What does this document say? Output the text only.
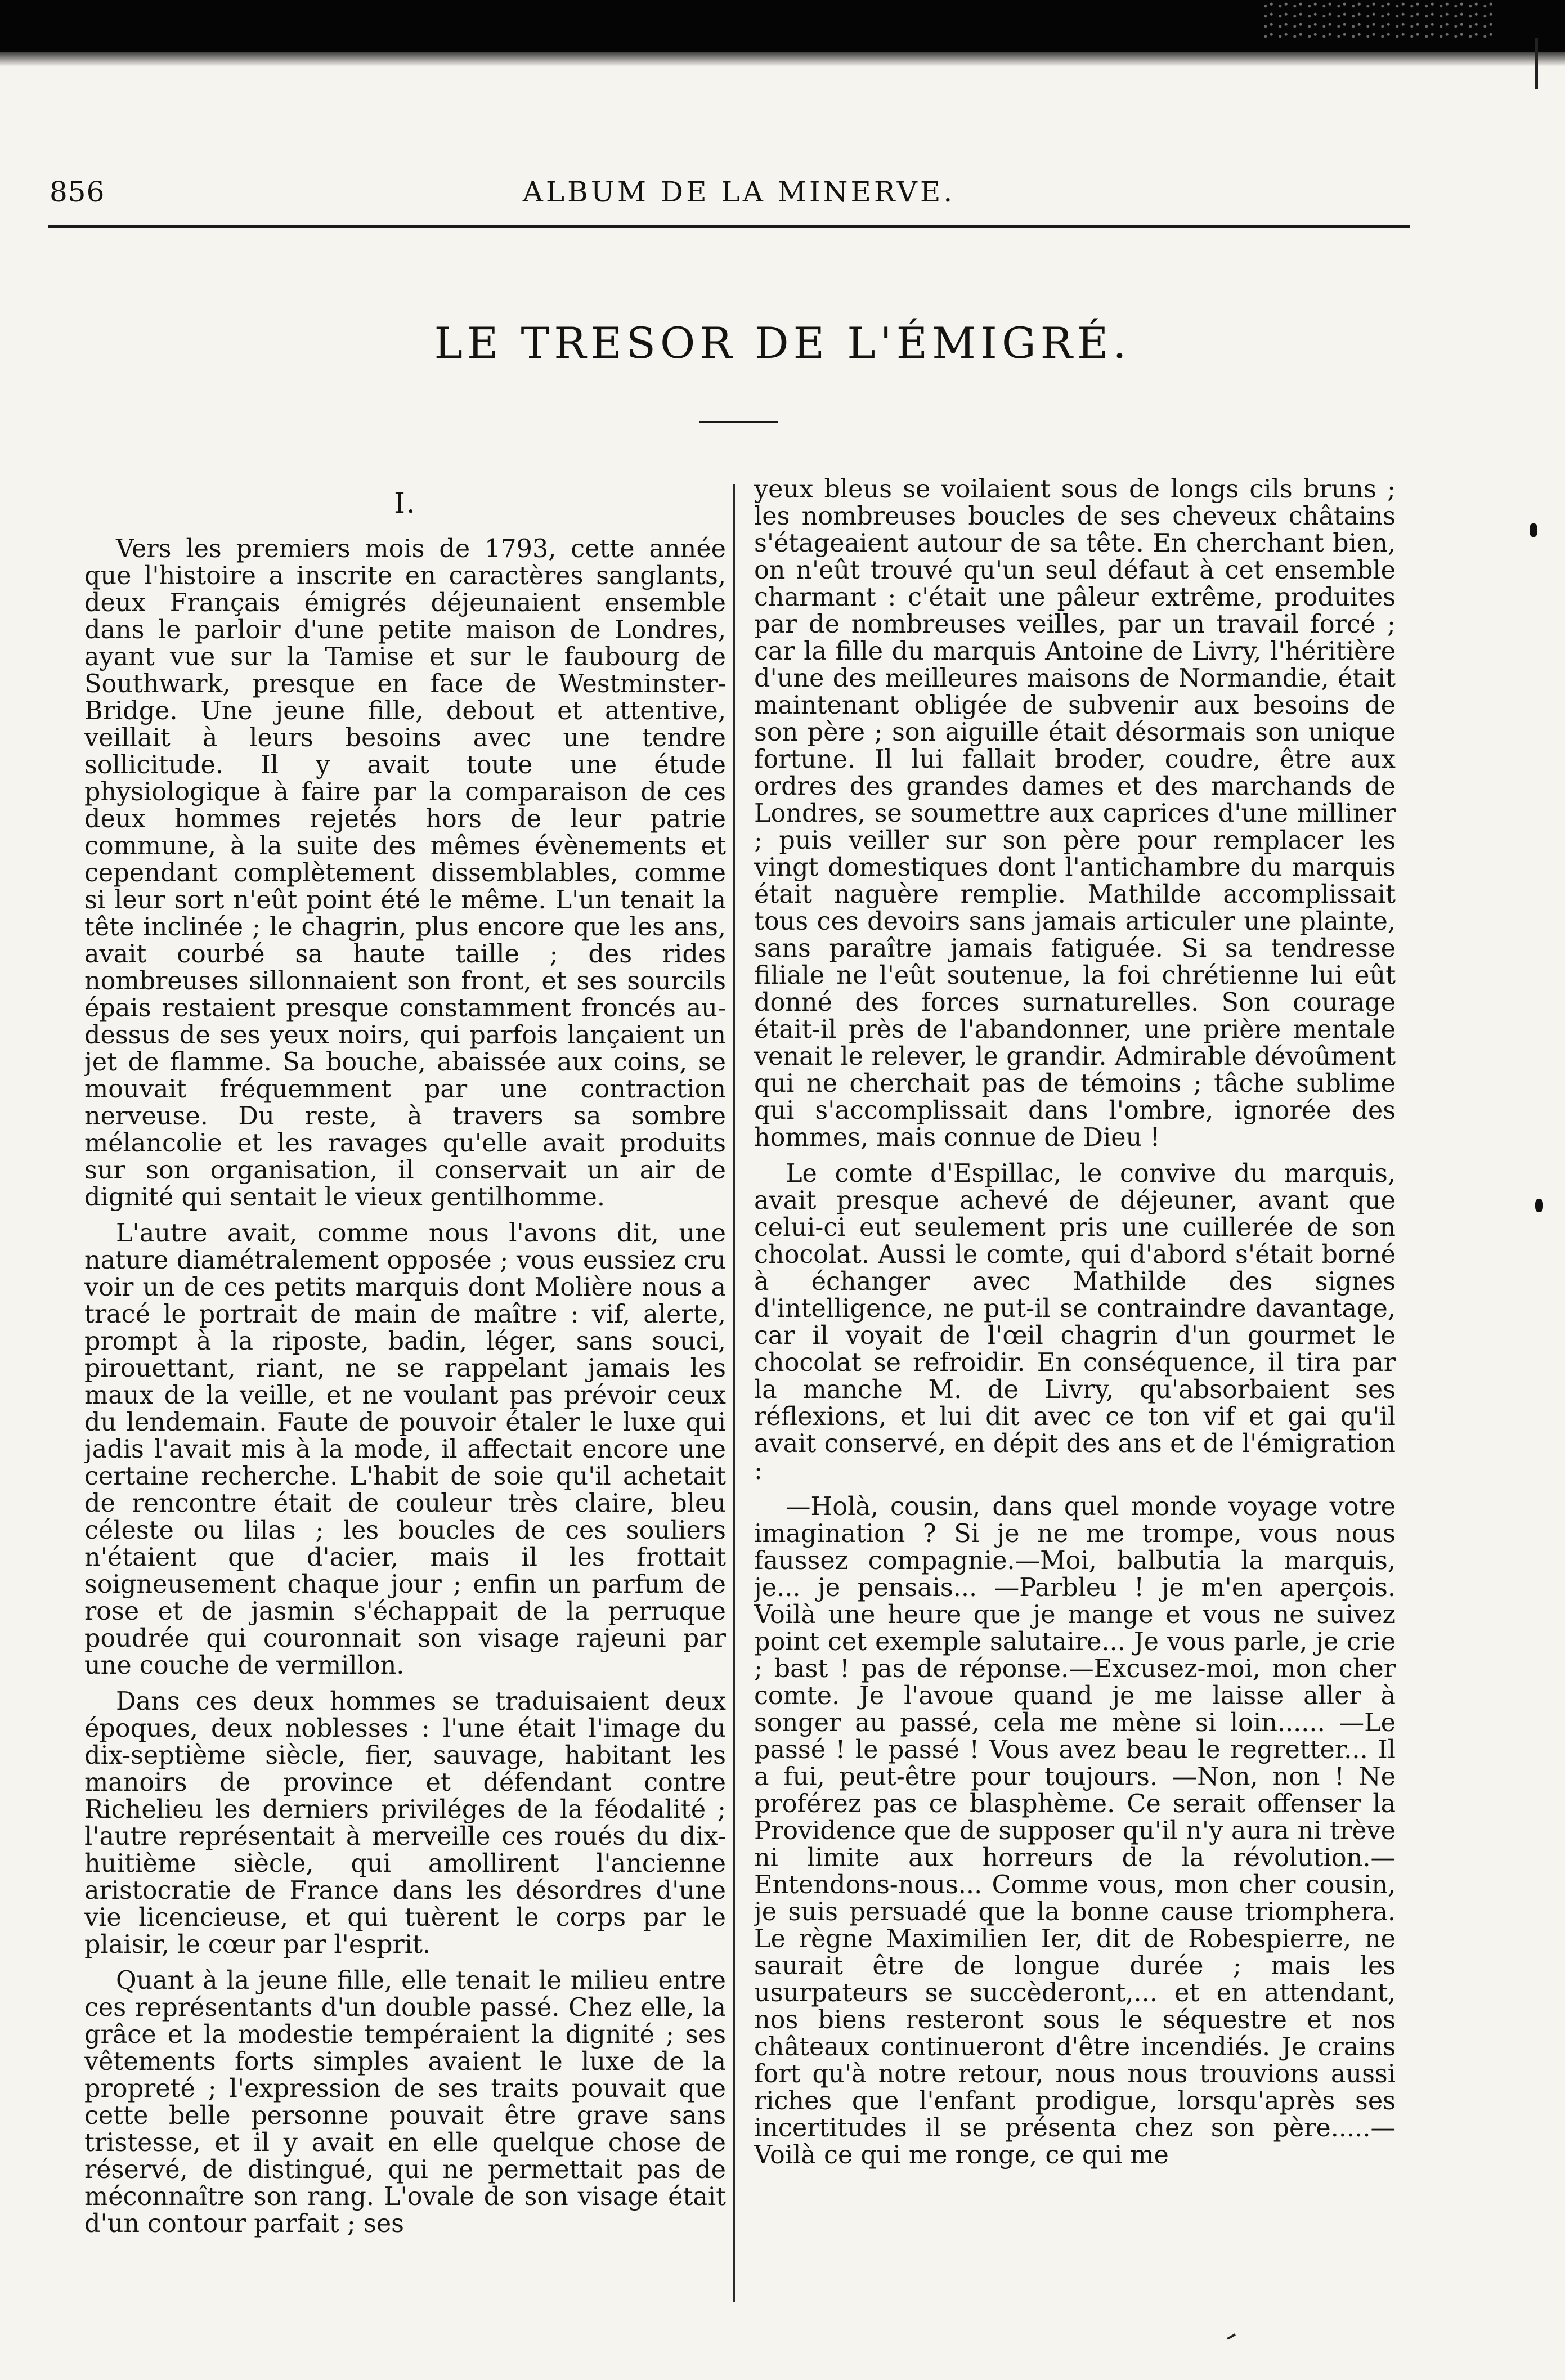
856	ALBUM DE LA MINERVE.
LE TRESOR DE L'ÉMIGRÉ.
I.

Vers les premiers mois de 1793, cette année que l'histoire a inscrite en caractères sanglants, deux Français émigrés déjeunaient ensemble dans le parloir d'une petite maison de Londres, ayant vue sur la Tamise et sur le faubourg de Southwark, presque en face de Westminster-Bridge. Une jeune fille, debout et attentive, veillait à leurs besoins avec une tendre sollicitude. Il y avait toute une étude physiologique à faire par la comparaison de ces deux hommes rejetés hors de leur patrie commune, à la suite des mêmes évènements et cependant complètement dissemblables, comme si leur sort n'eût point été le même. L'un tenait la tête inclinée ; le chagrin, plus encore que les ans, avait courbé sa haute taille ; des rides nombreuses sillonnaient son front, et ses sourcils épais restaient presque constamment froncés au-dessus de ses yeux noirs, qui parfois lançaient un jet de flamme. Sa bouche, abaissée aux coins, se mouvait fréquemment par une contraction nerveuse. Du reste, à travers sa sombre mélancolie et les ravages qu'elle avait produits sur son organisation, il conservait un air de dignité qui sentait le vieux gentilhomme.

L'autre avait, comme nous l'avons dit, une nature diamétralement opposée ; vous eussiez cru voir un de ces petits marquis dont Molière nous a tracé le portrait de main de maître : vif, alerte, prompt à la riposte, badin, léger, sans souci, pirouettant, riant, ne se rappelant jamais les maux de la veille, et ne voulant pas prévoir ceux du lendemain. Faute de pouvoir étaler le luxe qui jadis l'avait mis à la mode, il affectait encore une certaine recherche. L'habit de soie qu'il achetait de rencontre était de couleur très claire, bleu céleste ou lilas ; les boucles de ces souliers n'étaient que d'acier, mais il les frottait soigneusement chaque jour ; enfin un parfum de rose et de jasmin s'échappait de la perruque poudrée qui couronnait son visage rajeuni par une couche de vermillon.

Dans ces deux hommes se traduisaient deux époques, deux noblesses : l'une était l'image du dix-septième siècle, fier, sauvage, habitant les manoirs de province et défendant contre Richelieu les derniers priviléges de la féodalité ; l'autre représentait à merveille ces roués du dix-huitième siècle, qui amollirent l'ancienne aristocratie de France dans les désordres d'une vie licencieuse, et qui tuèrent le corps par le plaisir, le cœur par l'esprit.

Quant à la jeune fille, elle tenait le milieu entre ces représentants d'un double passé. Chez elle, la grâce et la modestie tempéraient la dignité ; ses vêtements forts simples avaient le luxe de la propreté ; l'expression de ses traits pouvait que cette belle personne pouvait être grave sans tristesse, et il y avait en elle quelque chose de réservé, de distingué, qui ne permettait pas de méconnaître son rang. L'ovale de son visage était d'un contour parfait ; ses

yeux bleus se voilaient sous de longs cils bruns ; les nombreuses boucles de ses cheveux châtains s'étageaient autour de sa tête. En cherchant bien, on n'eût trouvé qu'un seul défaut à cet ensemble charmant : c'était une pâleur extrême, produites par de nombreuses veilles, par un travail forcé ; car la fille du marquis Antoine de Livry, l'héritière d'une des meilleures maisons de Normandie, était maintenant obligée de subvenir aux besoins de son père ; son aiguille était désormais son unique fortune. Il lui fallait broder, coudre, être aux ordres des grandes dames et des marchands de Londres, se soumettre aux caprices d'une milliner ; puis veiller sur son père pour remplacer les vingt domestiques dont l'antichambre du marquis était naguère remplie. Mathilde accomplissait tous ces devoirs sans jamais articuler une plainte, sans paraître jamais fatiguée. Si sa tendresse filiale ne l'eût soutenue, la foi chrétienne lui eût donné des forces surnaturelles. Son courage était-il près de l'abandonner, une prière mentale venait le relever, le grandir. Admirable dévoûment qui ne cherchait pas de témoins ; tâche sublime qui s'accomplissait dans l'ombre, ignorée des hommes, mais connue de Dieu !

Le comte d'Espillac, le convive du marquis, avait presque achevé de déjeuner, avant que celui-ci eut seulement pris une cuillerée de son chocolat. Aussi le comte, qui d'abord s'était borné à échanger avec Mathilde des signes d'intelligence, ne put-il se contraindre davantage, car il voyait de l'œil chagrin d'un gourmet le chocolat se refroidir. En conséquence, il tira par la manche M. de Livry, qu'absorbaient ses réflexions, et lui dit avec ce ton vif et gai qu'il avait conservé, en dépit des ans et de l'émigration :

—Holà, cousin, dans quel monde voyage votre imagination ? Si je ne me trompe, vous nous faussez compagnie.—Moi, balbutia la marquis, je... je pensais... —Parbleu ! je m'en aperçois. Voilà une heure que je mange et vous ne suivez point cet exemple salutaire... Je vous parle, je crie ; bast ! pas de réponse.—Excusez-moi, mon cher comte. Je l'avoue quand je me laisse aller à songer au passé, cela me mène si loin...... —Le passé ! le passé ! Vous avez beau le regretter... Il a fui, peut-être pour toujours. —Non, non ! Ne proférez pas ce blasphème. Ce serait offenser la Providence que de supposer qu'il n'y aura ni trève ni limite aux horreurs de la révolution.—Entendons-nous... Comme vous, mon cher cousin, je suis persuadé que la bonne cause triomphera. Le règne Maximilien Ier, dit de Robespierre, ne saurait être de longue durée ; mais les usurpateurs se succèderont,... et en attendant, nos biens resteront sous le séquestre et nos châteaux continueront d'être incendiés. Je crains fort qu'à notre retour, nous nous trouvions aussi riches que l'enfant prodigue, lorsqu'après ses incertitudes il se présenta chez son père.....—Voilà ce qui me ronge, ce qui me
